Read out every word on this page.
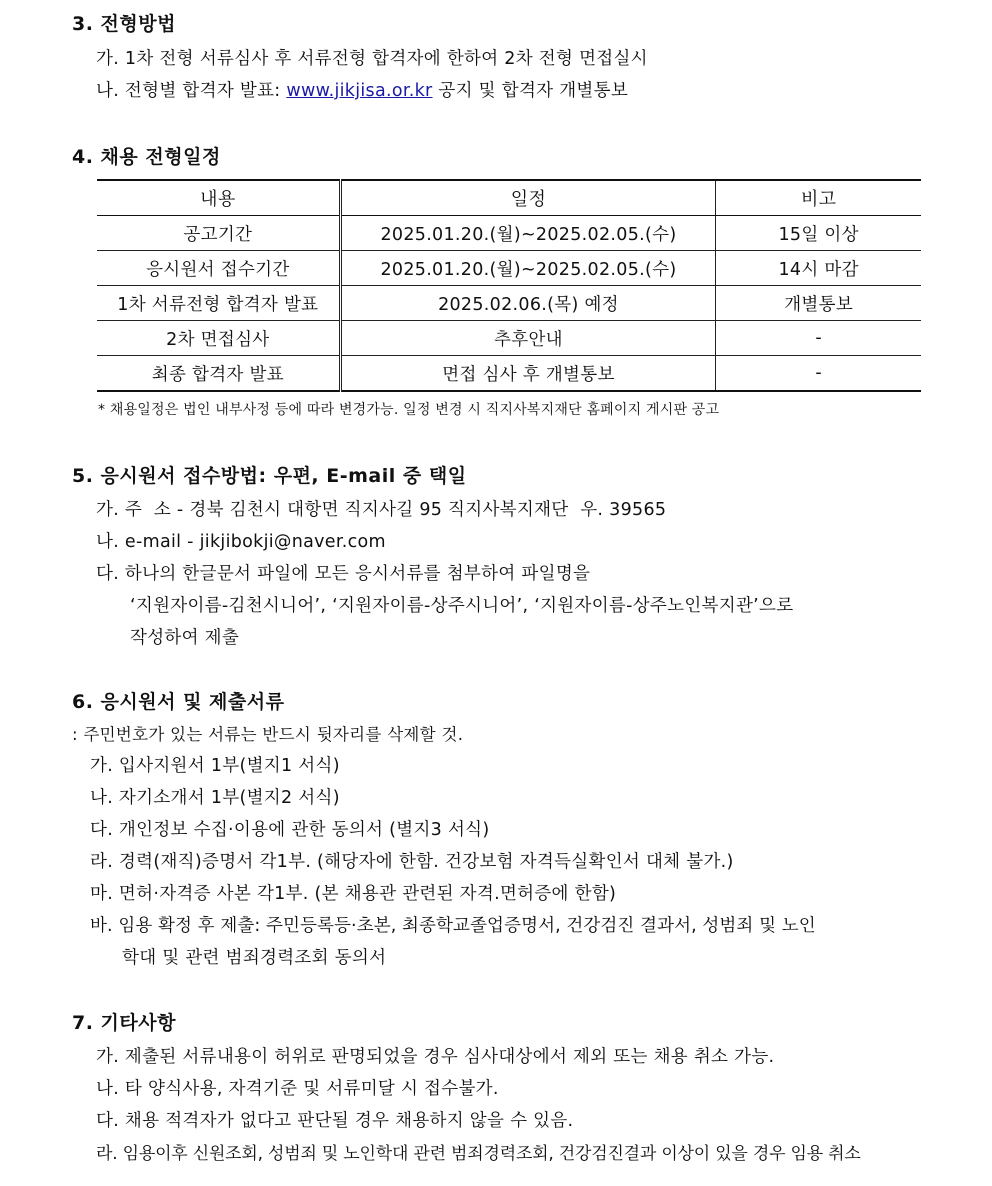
3. 전형방법
가. 1차 전형 서류심사 후 서류전형 합격자에 한하여 2차 전형 면접실시
나. 전형별 합격자 발표: www.jikjisa.or.kr 공지 및 합격자 개별통보
4. 채용 전형일정
내용	일정	비고
공고기간	2025.01.20.(월)~2025.02.05.(수)	15일 이상
응시원서 접수기간	2025.01.20.(월)~2025.02.05.(수)	14시 마감
1차 서류전형 합격자 발표	2025.02.06.(목) 예정	개별통보
2차 면접심사	추후안내	-
최종 합격자 발표	면접 심사 후 개별통보	-
* 채용일정은 법인 내부사정 등에 따라 변경가능. 일정 변경 시 직지사복지재단 홈페이지 게시판 공고
5. 응시원서 접수방법: 우편, E-mail 중 택일
가. 주  소 - 경북 김천시 대항면 직지사길 95 직지사복지재단  우. 39565
나. e-mail - jikjibokji@naver.com
다. 하나의 한글문서 파일에 모든 응시서류를 첨부하여 파일명을
‘지원자이름-김천시니어’, ‘지원자이름-상주시니어’, ‘지원자이름-상주노인복지관’으로
작성하여 제출
6. 응시원서 및 제출서류
: 주민번호가 있는 서류는 반드시 뒷자리를 삭제할 것.
가. 입사지원서 1부(별지1 서식)
나. 자기소개서 1부(별지2 서식)
다. 개인정보 수집·이용에 관한 동의서 (별지3 서식)
라. 경력(재직)증명서 각1부. (해당자에 한함. 건강보험 자격득실확인서 대체 불가.)
마. 면허·자격증 사본 각1부. (본 채용관 관련된 자격.면허증에 한함)
바. 임용 확정 후 제출: 주민등록등·초본, 최종학교졸업증명서, 건강검진 결과서, 성범죄 및 노인
학대 및 관련 범죄경력조회 동의서
7. 기타사항
가. 제출된 서류내용이 허위로 판명되었을 경우 심사대상에서 제외 또는 채용 취소 가능.
나. 타 양식사용, 자격기준 및 서류미달 시 접수불가.
다. 채용 적격자가 없다고 판단될 경우 채용하지 않을 수 있음.
라. 임용이후 신원조회, 성범죄 및 노인학대 관련 범죄경력조회, 건강검진결과 이상이 있을 경우 임용 취소
